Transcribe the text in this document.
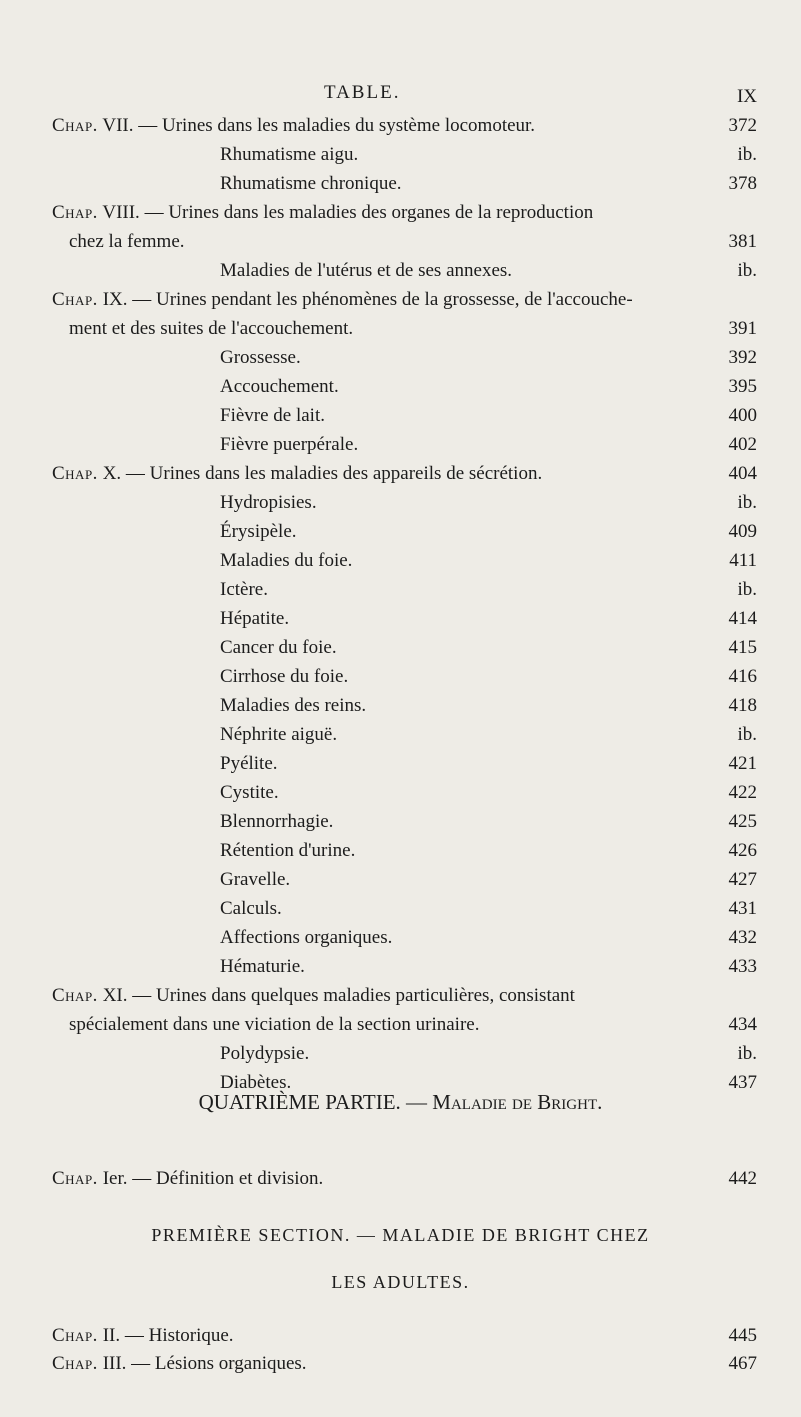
TABLE.	IX
Chap. VII. — Urines dans les maladies du système locomoteur.	372
Rhumatisme aigu.	ib.
Rhumatisme chronique.	378
Chap. VIII. — Urines dans les maladies des organes de la reproduction
chez la femme.	381
Maladies de l'utérus et de ses annexes.	ib.
Chap. IX. — Urines pendant les phénomènes de la grossesse, de l'accouche-
ment et des suites de l'accouchement.	391
Grossesse.	392
Accouchement.	395
Fièvre de lait.	400
Fièvre puerpérale.	402
Chap. X. — Urines dans les maladies des appareils de sécrétion.	404
Hydropisies.	ib.
Érysipèle.	409
Maladies du foie.	411
Ictère.	ib.
Hépatite.	414
Cancer du foie.	415
Cirrhose du foie.	416
Maladies des reins.	418
Néphrite aiguë.	ib.
Pyélite.	421
Cystite.	422
Blennorrhagie.	425
Rétention d'urine.	426
Gravelle.	427
Calculs.	431
Affections organiques.	432
Hématurie.	433
Chap. XI. — Urines dans quelques maladies particulières, consistant
spécialement dans une viciation de la section urinaire.	434
Polydypsie.	ib.
Diabètes.	437
QUATRIÈME PARTIE. — Maladie de Bright.
Chap. Ier. — Définition et division.	442
PREMIÈRE SECTION. — MALADIE DE BRIGHT CHEZ
LES ADULTES.
Chap. II. — Historique.	445
Chap. III. — Lésions organiques.	467
